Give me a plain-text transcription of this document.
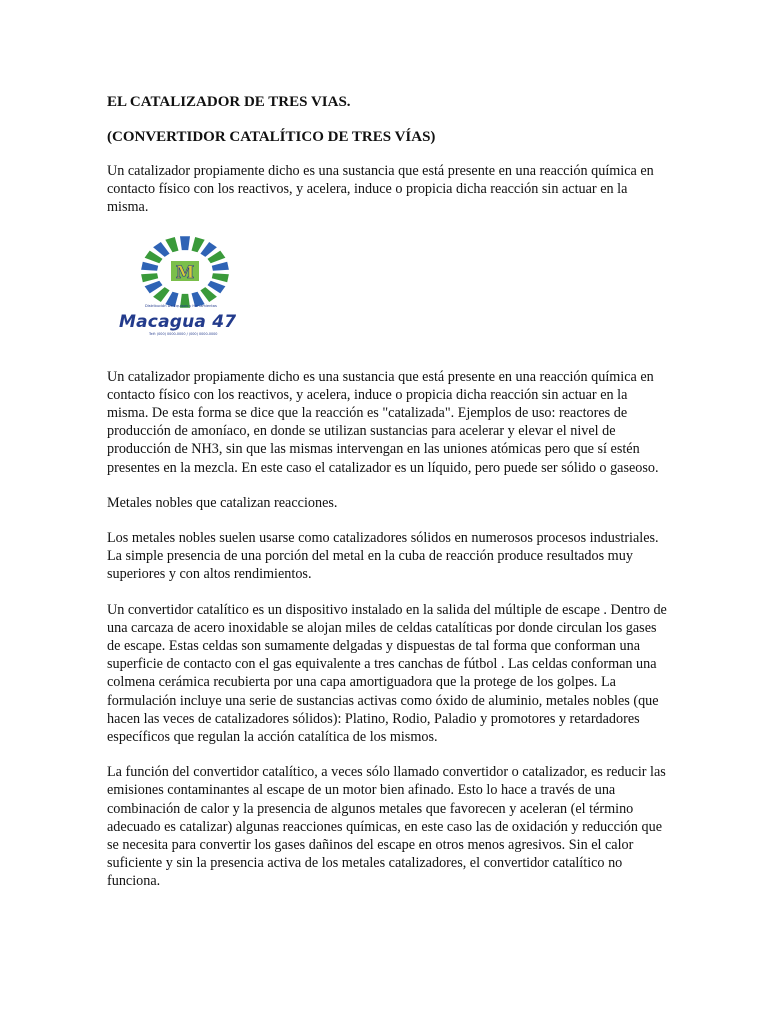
EL CATALIZADOR DE TRES VIAS.
(CONVERTIDOR CATALÍTICO DE TRES VÍAS)

Un catalizador propiamente dicho es una sustancia que está presente en una reacción química en contacto físico con los reactivos, y acelera, induce o propicia dicha reacción sin actuar en la misma.

M
Distribución De Equipos y Herramientas
Macagua 47
Telf: (000) 0000-0000 / (000) 0000-0000

Un catalizador propiamente dicho es una sustancia que está presente en una reacción química en contacto físico con los reactivos, y acelera, induce o propicia dicha reacción sin actuar en la misma. De esta forma se dice que la reacción es "catalizada". Ejemplos de uso: reactores de producción de amoníaco, en donde se utilizan sustancias para acelerar y elevar el nivel de producción de NH3, sin que las mismas intervengan en las uniones atómicas pero que sí estén presentes en la mezcla. En este caso el catalizador es un líquido, pero puede ser sólido o gaseoso.

Metales nobles que catalizan reacciones.

Los metales nobles suelen usarse como catalizadores sólidos en numerosos procesos industriales. La simple presencia de una porción del metal en la cuba de reacción produce resultados muy superiores y con altos rendimientos.

Un convertidor catalítico es un dispositivo instalado en la salida del múltiple de escape . Dentro de una carcaza de acero inoxidable se alojan miles de celdas catalíticas por donde circulan los gases de escape. Estas celdas son sumamente delgadas y dispuestas de tal forma que conforman una superficie de contacto con el gas equivalente a tres canchas de fútbol . Las celdas conforman una colmena cerámica recubierta por una capa amortiguadora que la protege de los golpes. La formulación incluye una serie de sustancias activas como óxido de aluminio, metales nobles (que hacen las veces de catalizadores sólidos): Platino, Rodio, Paladio y promotores y retardadores específicos que regulan la acción catalítica de los mismos.

La función del convertidor catalítico, a veces sólo llamado convertidor o catalizador, es reducir las emisiones contaminantes al escape de un motor bien afinado. Esto lo hace a través de una combinación de calor y la presencia de algunos metales que favorecen y aceleran (el término adecuado es catalizar) algunas reacciones químicas, en este caso las de oxidación y reducción que se necesita para convertir los gases dañinos del escape en otros menos agresivos. Sin el calor suficiente y sin la presencia activa de los metales catalizadores, el convertidor catalítico no funciona.
